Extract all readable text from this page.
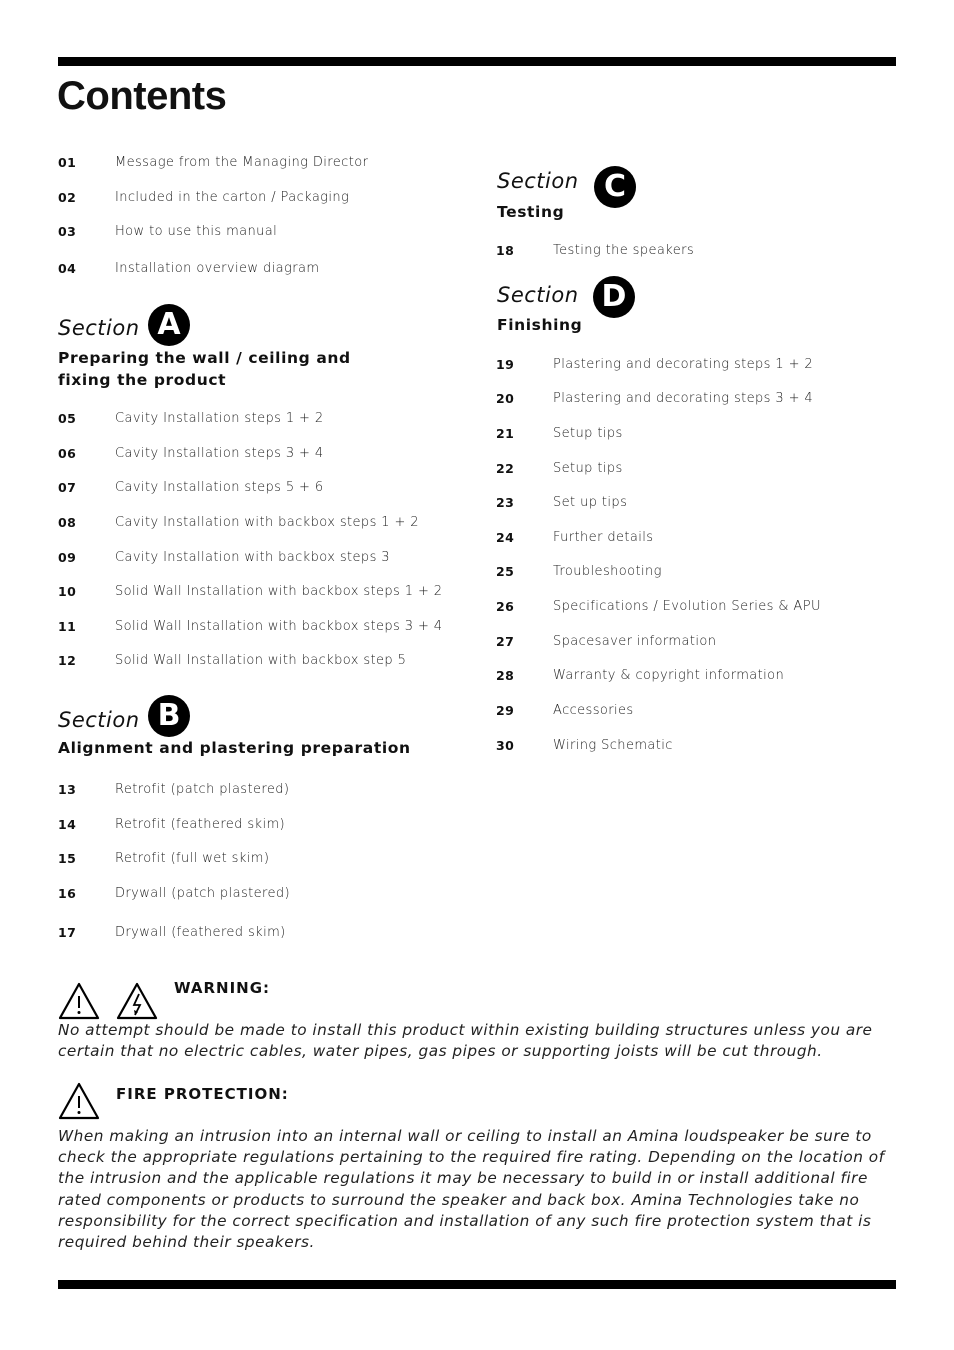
Contents
01	Message from the Managing Director
02	Included in the carton / Packaging
03	How to use this manual
04	Installation overview diagram
Section A
Preparing the wall / ceiling and
fixing the product
05	Cavity Installation steps 1 + 2
06	Cavity Installation steps 3 + 4
07	Cavity Installation steps 5 + 6
08	Cavity Installation with backbox steps 1 + 2
09	Cavity Installation with backbox steps 3
10	Solid Wall Installation with backbox steps 1 + 2
11	Solid Wall Installation with backbox steps 3 + 4
12	Solid Wall Installation with backbox step 5
Section B
Alignment and plastering preparation
13	Retrofit (patch plastered)
14	Retrofit (feathered skim)
15	Retrofit (full wet skim)
16	Drywall (patch plastered)
17	Drywall (feathered skim)
Section C
Testing
18	Testing the speakers
Section D
Finishing
19	Plastering and decorating steps 1 + 2
20	Plastering and decorating steps 3 + 4
21	Setup tips
22	Setup tips
23	Set up tips
24	Further details
25	Troubleshooting
26	Specifications / Evolution Series & APU
27	Spacesaver information
28	Warranty & copyright information
29	Accessories
30	Wiring Schematic
WARNING:
No attempt should be made to install this product within existing building structures unless you are certain that no electric cables, water pipes, gas pipes or supporting joists will be cut through.
FIRE PROTECTION:
When making an intrusion into an internal wall or ceiling to install an Amina loudspeaker be sure to check the appropriate regulations pertaining to the required fire rating. Depending on the location of the intrusion and the applicable regulations it may be necessary to build in or install additional fire rated components or products to surround the speaker and back box. Amina Technologies take no responsibility for the correct specification and installation of any such fire protection system that is required behind their speakers.
